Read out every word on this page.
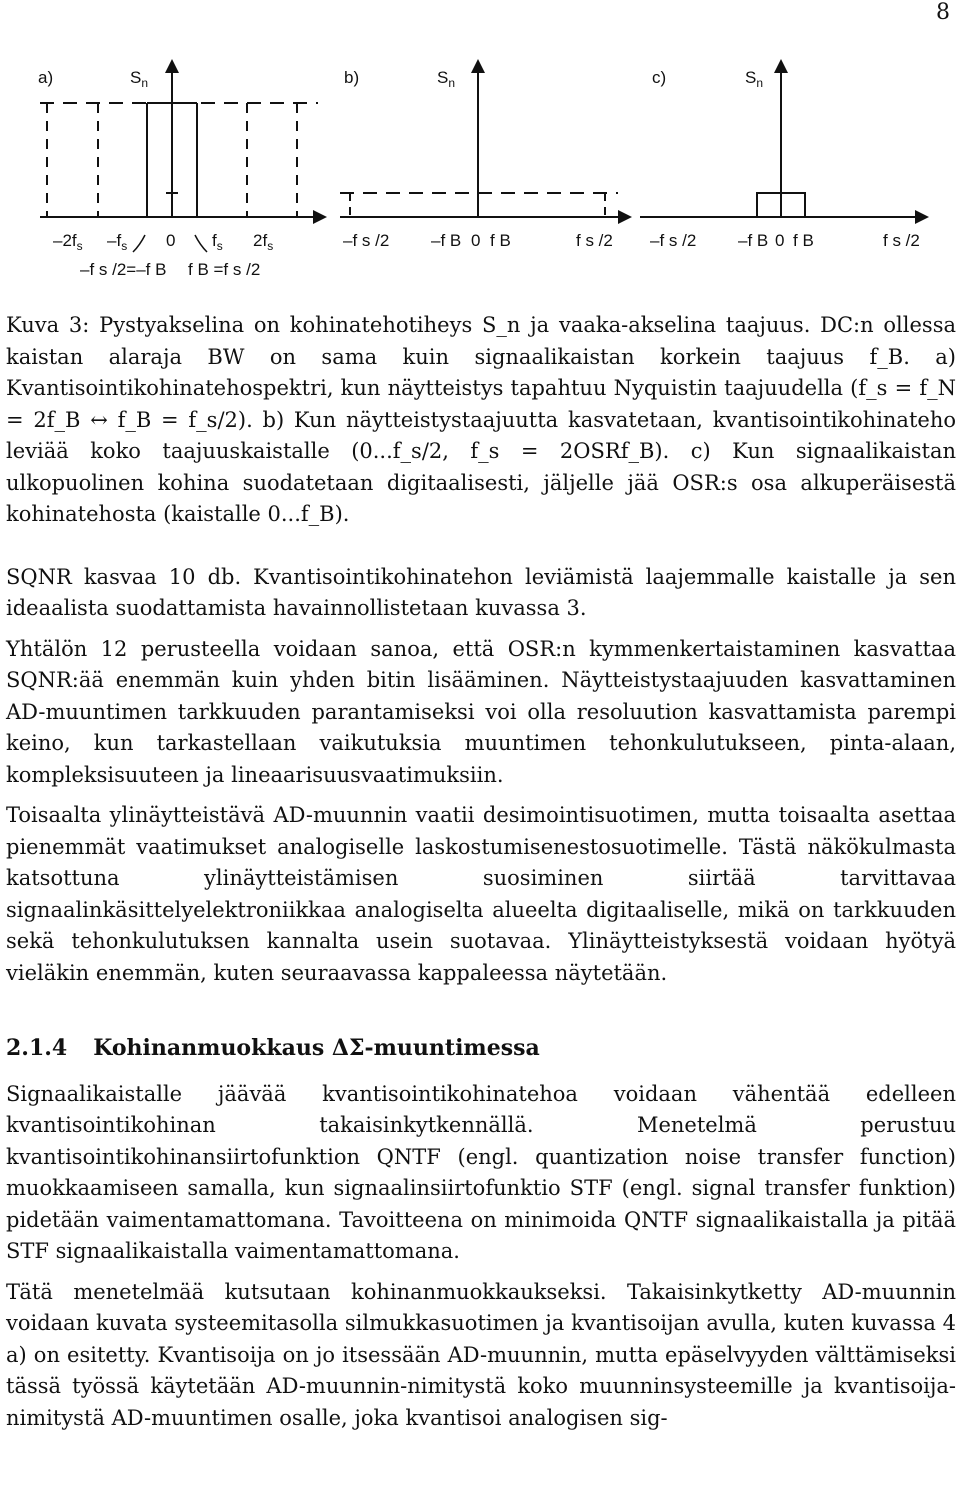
8
a)	$S_n$
$-2f_s$ $-f_s$ 0 $f_s$ $2f_s$
–f s /2=–f B f B =f s /2
b)	$S_n$
–f s /2 –f B 0 f B	f s /2
c)	$S_n$
–f s /2 –f B 0 f B	f s /2

Kuva 3: Pystyakselina on kohinatehotiheys S_n ja vaaka-akselina taajuus. DC:n ollessa kaistan alaraja BW on sama kuin signaalikaistan korkein taajuus f_B. a) Kvantisointikohinatehospektri, kun näytteistys tapahtuu Nyquistin taajuudella (f_s = f_N = 2f_B ↔ f_B = f_s/2). b) Kun näytteistystaajuutta kasvatetaan, kvantisointikohinateho leviää koko taajuuskaistalle (0...f_s/2, f_s = 2OSRf_B). c) Kun signaalikaistan ulkopuolinen kohina suodatetaan digitaalisesti, jäljelle jää OSR:s osa alkuperäisestä kohinatehosta (kaistalle 0...f_B).

SQNR kasvaa 10 db. Kvantisointikohinatehon leviämistä laajemmalle kaistalle ja sen ideaalista suodattamista havainnollistetaan kuvassa 3.

Yhtälön 12 perusteella voidaan sanoa, että OSR:n kymmenkertaistaminen kasvattaa SQNR:ää enemmän kuin yhden bitin lisääminen. Näytteistystaajuuden kasvattaminen AD-muuntimen tarkkuuden parantamiseksi voi olla resoluution kasvattamista parempi keino, kun tarkastellaan vaikutuksia muuntimen tehonkulutukseen, pinta-alaan, kompleksisuuteen ja lineaarisuusvaatimuksiin.

Toisaalta ylinäytteistävä AD-muunnin vaatii desimointisuotimen, mutta toisaalta asettaa pienemmät vaatimukset analogiselle laskostumisenestosuotimelle. Tästä näkökulmasta katsottuna ylinäytteistämisen suosiminen siirtää tarvittavaa signaalinkäsittelyelektroniikkaa analogiselta alueelta digitaaliselle, mikä on tarkkuuden sekä tehonkulutuksen kannalta usein suotavaa. Ylinäytteistyksestä voidaan hyötyä vieläkin enemmän, kuten seuraavassa kappaleessa näytetään.

2.1.4 Kohinanmuokkaus ΔΣ-muuntimessa

Signaalikaistalle jäävää kvantisointikohinatehoa voidaan vähentää edelleen kvantisointikohinan takaisinkytkennällä. Menetelmä perustuu kvantisointikohinansiirtofunktion QNTF (engl. quantization noise transfer function) muokkaamiseen samalla, kun signaalinsiirtofunktio STF (engl. signal transfer funktion) pidetään vaimentamattomana. Tavoitteena on minimoida QNTF signaalikaistalla ja pitää STF signaalikaistalla vaimentamattomana.

Tätä menetelmää kutsutaan kohinanmuokkaukseksi. Takaisinkytketty AD-muunnin voidaan kuvata systeemitasolla silmukkasuotimen ja kvantisoijan avulla, kuten kuvassa 4 a) on esitetty. Kvantisoija on jo itsessään AD-muunnin, mutta epäselvyyden välttämiseksi tässä työssä käytetään AD-muunnin-nimitystä koko muunninsysteemille ja kvantisoija-nimitystä AD-muuntimen osalle, joka kvantisoi analogisen sig-
